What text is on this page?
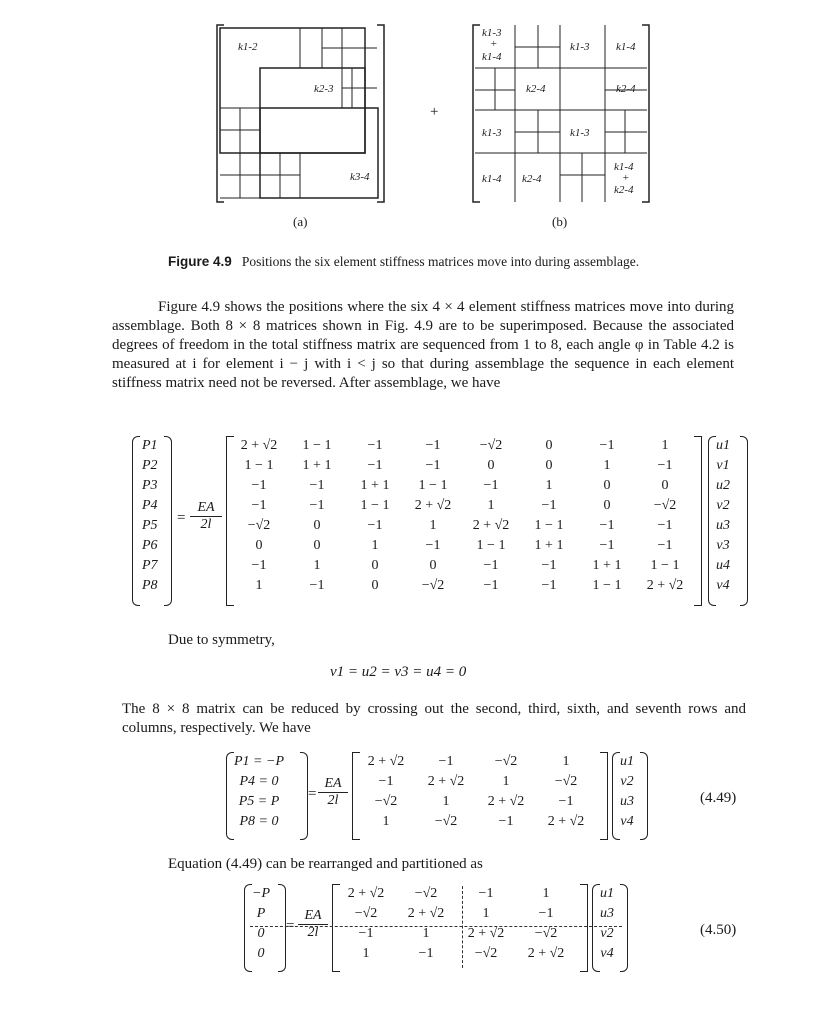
k1-2
k2-3
k3-4
+
k1-3
+
k1-4
k1-3 k1-4
k2-4	k2-4
k1-3	k1-3
k1-4 k2-4
k1-4
+
k2-4
(a)	(b)
Figure 4.9 Positions the six element stiffness matrices move into during assemblage.
Figure 4.9 shows the positions where the six 4 × 4 element stiffness matrices move into during assemblage. Both 8 × 8 matrices shown in Fig. 4.9 are to be superimposed. Because the associated degrees of freedom in the total stiffness matrix are sequenced from 1 to 8, each angle φ in Table 4.2 is measured at i for element i − j with i < j so that during assemblage the sequence in each element stiffness matrix need not be reversed. After assemblage, we have
P1
P2
P3
P4
P5
P6
P7
P8
= $\frac{EA}{2l}$
2 + √2	1 − 1	−1	−1	−√2	0	−1	1
1 − 1	1 + 1	−1	−1	0	0	1	−1
−1	−1	1 + 1	1 − 1	−1	1	0	0
−1	−1	1 − 1	2 + √2	1	−1	0	−√2
−√2	0	−1	1	2 + √2	1 − 1	−1	−1
0	0	1	−1	1 − 1	1 + 1	−1	−1
−1	1	0	0	−1	−1	1 + 1	1 − 1
1	−1	0	−√2	−1	−1	1 − 1	2 + √2
u1
v1
u2
v2
u3
v3
u4
v4
Due to symmetry,
v1 = u2 = v3 = u4 = 0
The 8 × 8 matrix can be reduced by crossing out the second, third, sixth, and seventh rows and columns, respectively. We have
P1 = −P
P4 = 0
P5 = P
P8 = 0
= $\frac{EA}{2l}$
2 + √2	−1	−√2	1
−1	2 + √2	1	−√2
−√2	1	2 + √2	−1
1	−√2	−1	2 + √2
u1
v2
u3
v4
(4.49)
Equation (4.49) can be rearranged and partitioned as
−P
P
0
0
= $\frac{EA}{2l}$
2 + √2	−√2	−1	1
−√2	2 + √2	1	−1
−1	1	2 + √2	−√2
1	−1	−√2	2 + √2
u1
u3
v2
v4
(4.50)
